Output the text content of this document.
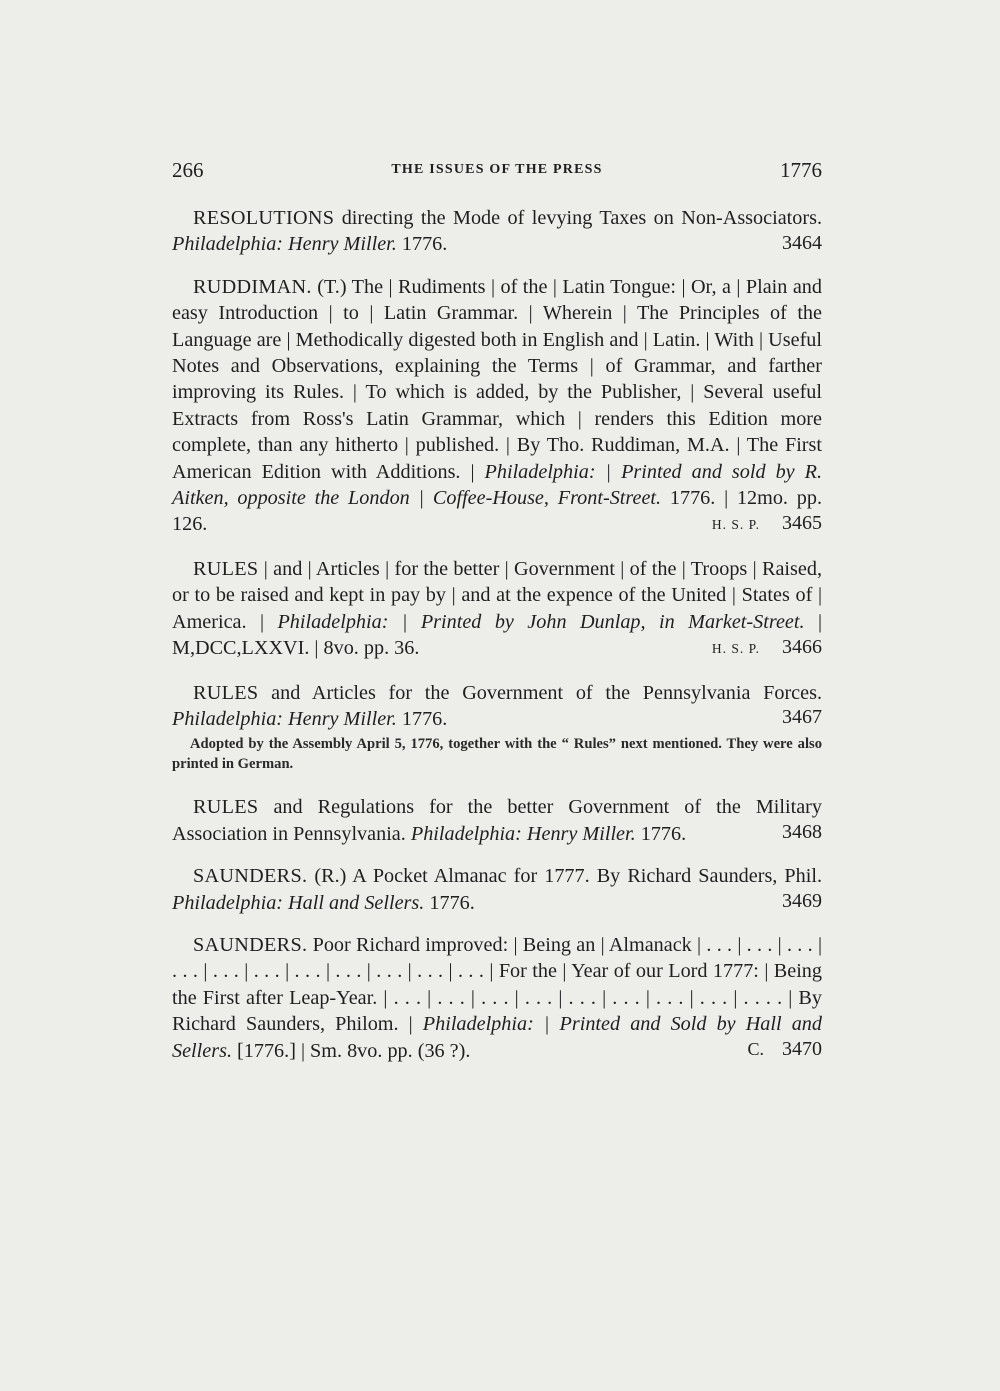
266	THE ISSUES OF THE PRESS	1776

RESOLUTIONS directing the Mode of levying Taxes on Non-Associators. Philadelphia: Henry Miller. 1776.	3464

RUDDIMAN. (T.) The | Rudiments | of the | Latin Tongue: | Or, a | Plain and easy Introduction | to | Latin Grammar. | Wherein | The Principles of the Language are | Methodically digested both in English and | Latin. | With | Useful Notes and Observations, explaining the Terms | of Grammar, and farther improving its Rules. | To which is added, by the Publisher, | Several useful Extracts from Ross's Latin Grammar, which | renders this Edition more complete, than any hitherto | published. | By Tho. Ruddiman, M.A. | The First American Edition with Additions. | Philadelphia: | Printed and sold by R. Aitken, opposite the London | Coffee-House, Front-Street. 1776. | 12mo. pp. 126.	H. S. P. 3465

RULES | and | Articles | for the better | Government | of the | Troops | Raised, or to be raised and kept in pay by | and at the expence of the United | States of | America. | Philadelphia: | Printed by John Dunlap, in Market-Street. | M,DCC,LXXVI. | 8vo. pp. 36.	H. S. P. 3466

RULES and Articles for the Government of the Pennsylvania Forces. Philadelphia: Henry Miller. 1776.	3467
Adopted by the Assembly April 5, 1776, together with the “ Rules” next mentioned. They were also printed in German.

RULES and Regulations for the better Government of the Military Association in Pennsylvania. Philadelphia: Henry Miller. 1776.	3468

SAUNDERS. (R.) A Pocket Almanac for 1777. By Richard Saunders, Phil. Philadelphia: Hall and Sellers. 1776.	3469

SAUNDERS. Poor Richard improved: | Being an | Almanack | . . . | . . . | . . . | . . . | . . . | . . . | . . . | . . . | . . . | . . . | . . . | For the | Year of our Lord 1777: | Being the First after Leap-Year. | . . . | . . . | . . . | . . . | . . . | . . . | . . . | . . . | . . . . | By Richard Saunders, Philom. | Philadelphia: | Printed and Sold by Hall and Sellers. [1776.] | Sm. 8vo. pp. (36 ?).	C. 3470
